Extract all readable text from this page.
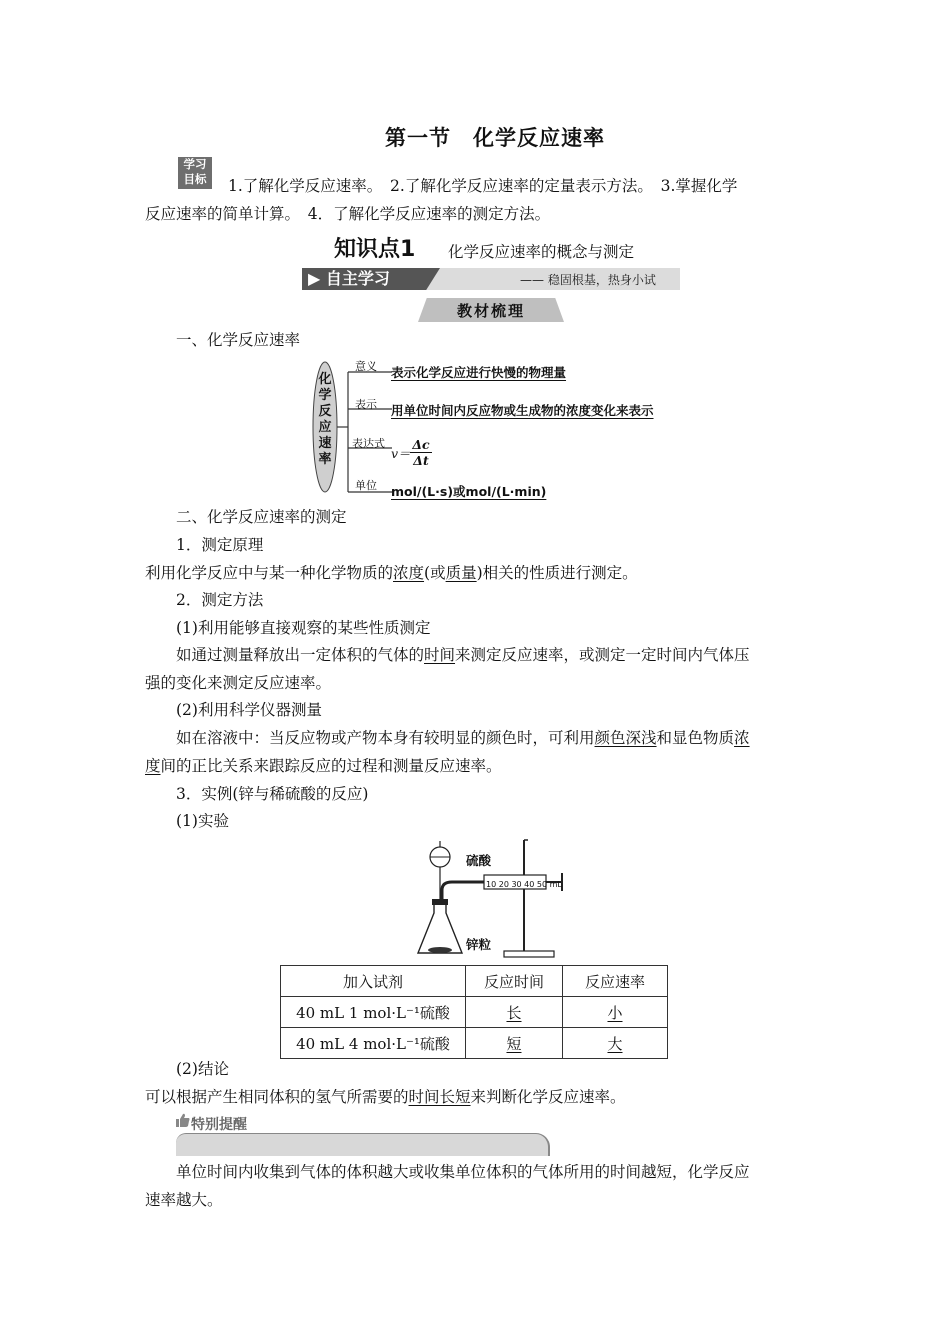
第一节　化学反应速率
学习
目标	1.了解化学反应速率。　2.了解化学反应速率的定量表示方法。　3.掌握化学
反应速率的简单计算。　4．了解化学反应速率的测定方法。
知识点1 化学反应速率的概念与测定
▶ 自主学习	—— 稳固根基，热身小试
教材梳理
一、化学反应速率
化
学
反
应
速
率
意义 表示化学反应进行快慢的物理量
表示 用单位时间内反应物或生成物的浓度变化来表示
表达式
$v= \frac{\Delta c}{\Delta t}$
单位 mol/(L·s)或mol/(L·min)
二、化学反应速率的测定
1．测定原理
利用化学反应中与某一种化学物质的浓度(或质量)相关的性质进行测定。
2．测定方法
(1)利用能够直接观察的某些性质测定
如通过测量释放出一定体积的气体的时间来测定反应速率，或测定一定时间内气体压
强的变化来测定反应速率。
(2)利用科学仪器测量
如在溶液中：当反应物或产物本身有较明显的颜色时，可利用颜色深浅和显色物质浓
度间的正比关系来跟踪反应的过程和测量反应速率。
3．实例(锌与稀硫酸的反应)
(1)实验
硫酸
10 20 30 40 50 mL
锌粒
加入试剂	反应时间	反应速率
40 mL 1 mol·L⁻¹硫酸	长	小
40 mL 4 mol·L⁻¹硫酸	短	大
(2)结论
可以根据产生相同体积的氢气所需要的时间长短来判断化学反应速率。
特别提醒
单位时间内收集到气体的体积越大或收集单位体积的气体所用的时间越短，化学反应
速率越大。
